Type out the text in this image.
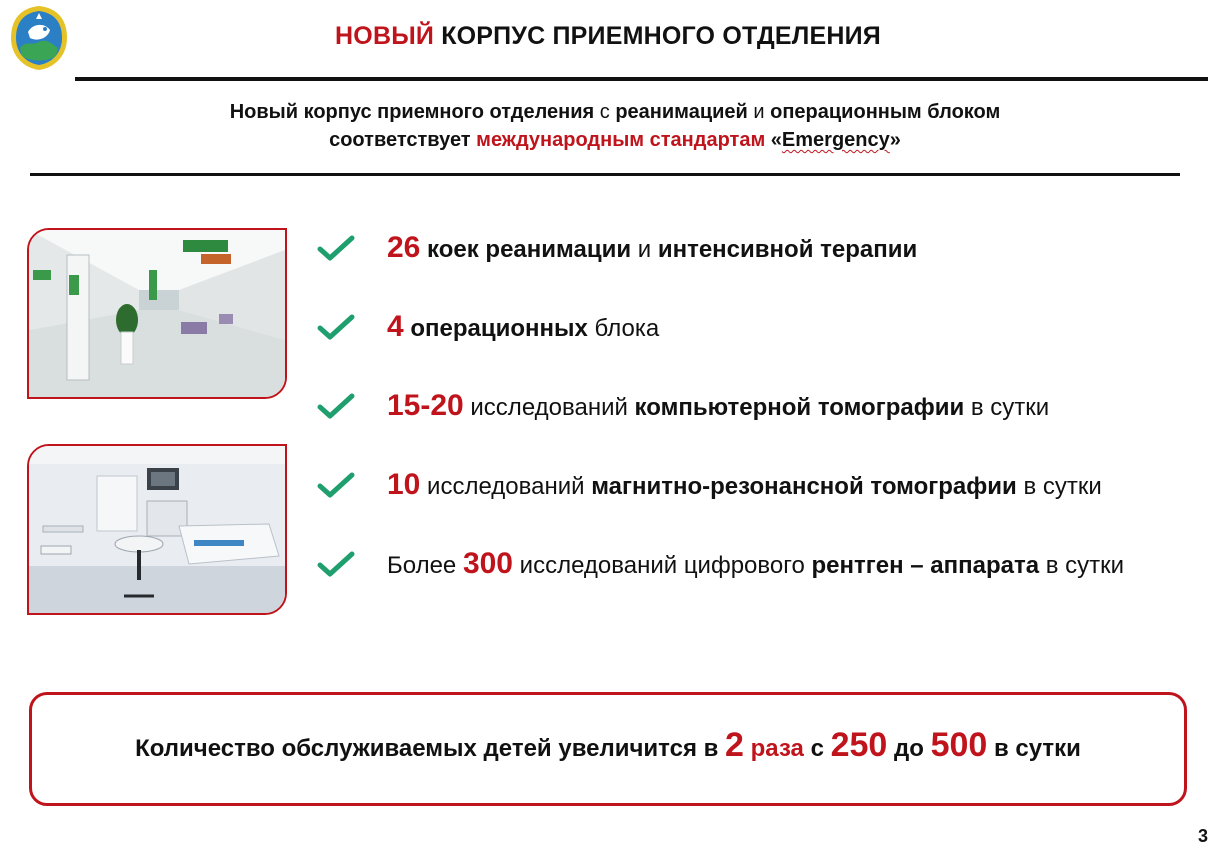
НОВЫЙ КОРПУС ПРИЕМНОГО ОТДЕЛЕНИЯ
Новый корпус приемного отделения с реанимацией и операционным блоком
соответствует международным стандартам «Emergency»
26 коек реанимации и интенсивной терапии
4 операционных блока
15-20 исследований компьютерной томографии в сутки
10 исследований магнитно-резонансной томографии в сутки
Более 300 исследований цифрового рентген – аппарата в сутки
Количество обслуживаемых детей увеличится в 2 раза с 250 до 500 в сутки
3
